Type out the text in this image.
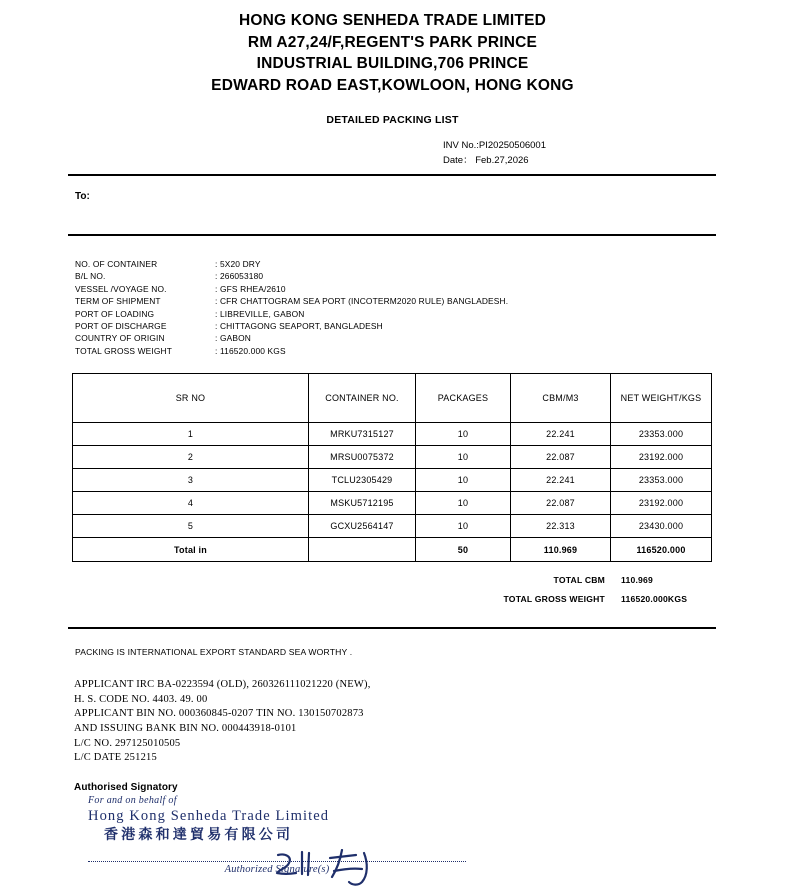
HONG KONG SENHEDA TRADE LIMITED
RM A27,24/F,REGENT'S PARK PRINCE
INDUSTRIAL BUILDING,706 PRINCE
EDWARD ROAD EAST,KOWLOON, HONG KONG
DETAILED PACKING LIST
INV No.:PI20250506001
Date： Feb.27,2026
To:
NO. OF CONTAINER	: 5X20 DRY
B/L NO.	: 266053180
VESSEL /VOYAGE NO.	: GFS RHEA/2610
TERM OF SHIPMENT	: CFR CHATTOGRAM SEA PORT (INCOTERM2020 RULE) BANGLADESH.
PORT OF LOADING	: LIBREVILLE, GABON
PORT OF DISCHARGE	: CHITTAGONG SEAPORT, BANGLADESH
COUNTRY OF ORIGIN	: GABON
TOTAL GROSS WEIGHT	: 116520.000 KGS
SR NO	CONTAINER NO.	PACKAGES	CBM/M3	NET WEIGHT/KGS
1	MRKU7315127	10	22.241	23353.000
2	MRSU0075372	10	22.087	23192.000
3	TCLU2305429	10	22.241	23353.000
4	MSKU5712195	10	22.087	23192.000
5	GCXU2564147	10	22.313	23430.000
Total in		50	110.969	116520.000
TOTAL CBM	110.969
TOTAL GROSS WEIGHT	116520.000KGS
PACKING IS INTERNATIONAL EXPORT STANDARD SEA WORTHY .
APPLICANT IRC BA-0223594 (OLD), 260326111021220 (NEW),
H. S. CODE NO. 4403. 49. 00
APPLICANT BIN NO. 000360845-0207 TIN NO. 130150702873
AND ISSUING BANK BIN NO. 000443918-0101
L/C NO. 297125010505
L/C DATE 251215
Authorised Signatory
For and on behalf of
Hong Kong Senheda Trade Limited
香港森和達貿易有限公司
Authorized Signature(s)
